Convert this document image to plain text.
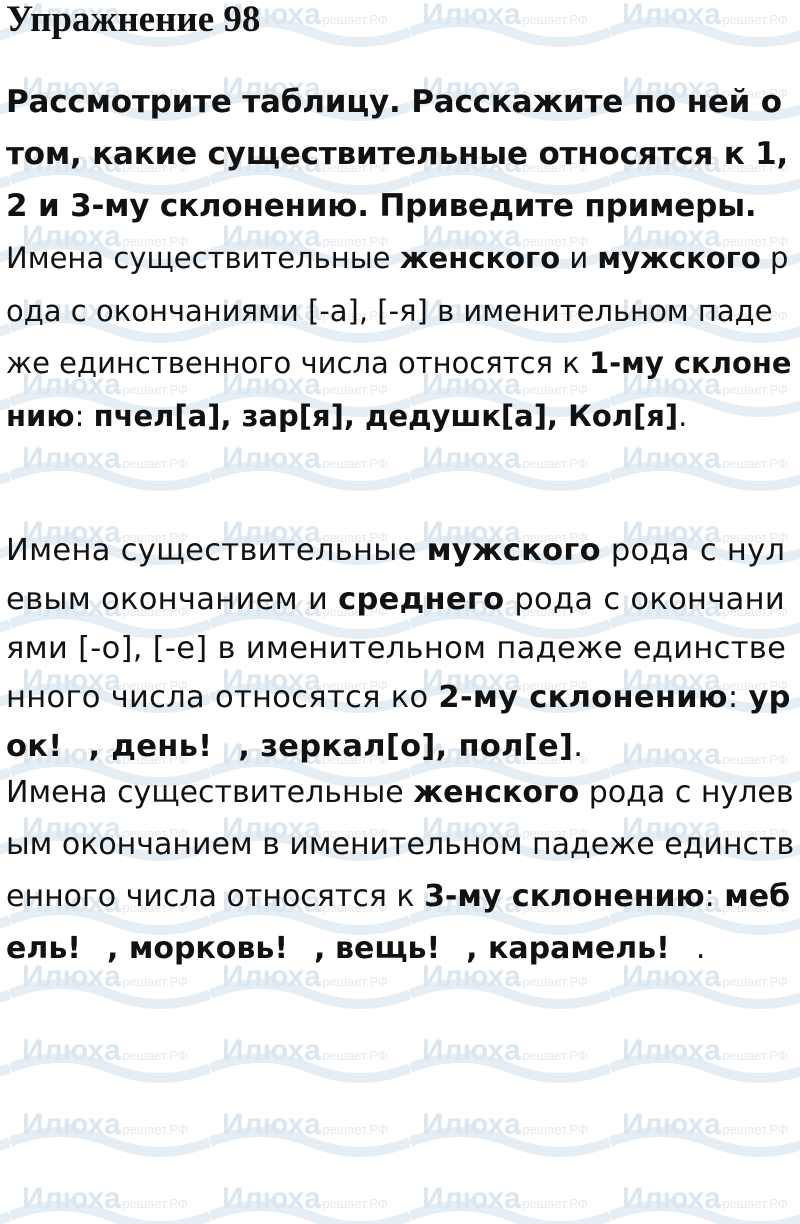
Упражнение 98

Рассмотрите таблицу. Расскажите по ней о том, какие существительные относятся к 1, 2 и 3-му склонению. Приведите примеры.

Имена существительные женского и мужского рода с окончаниями [-а], [-я] в именительном падеже единственного числа относятся к 1-му склонению: пчел[а], зар[я], дедушк[а], Кол[я].

Имена существительные мужского рода с нулевым окончанием и среднего рода с окончаниями [-о], [-е] в именительном падеже единственного числа относятся ко 2-му склонению: урок! , день! , зеркал[о], пол[е].

Имена существительные женского рода с нулевым окончанием в именительном падеже единственного числа относятся к 3-му склонению: мебель! , морковь! , вещь! , карамель! .
